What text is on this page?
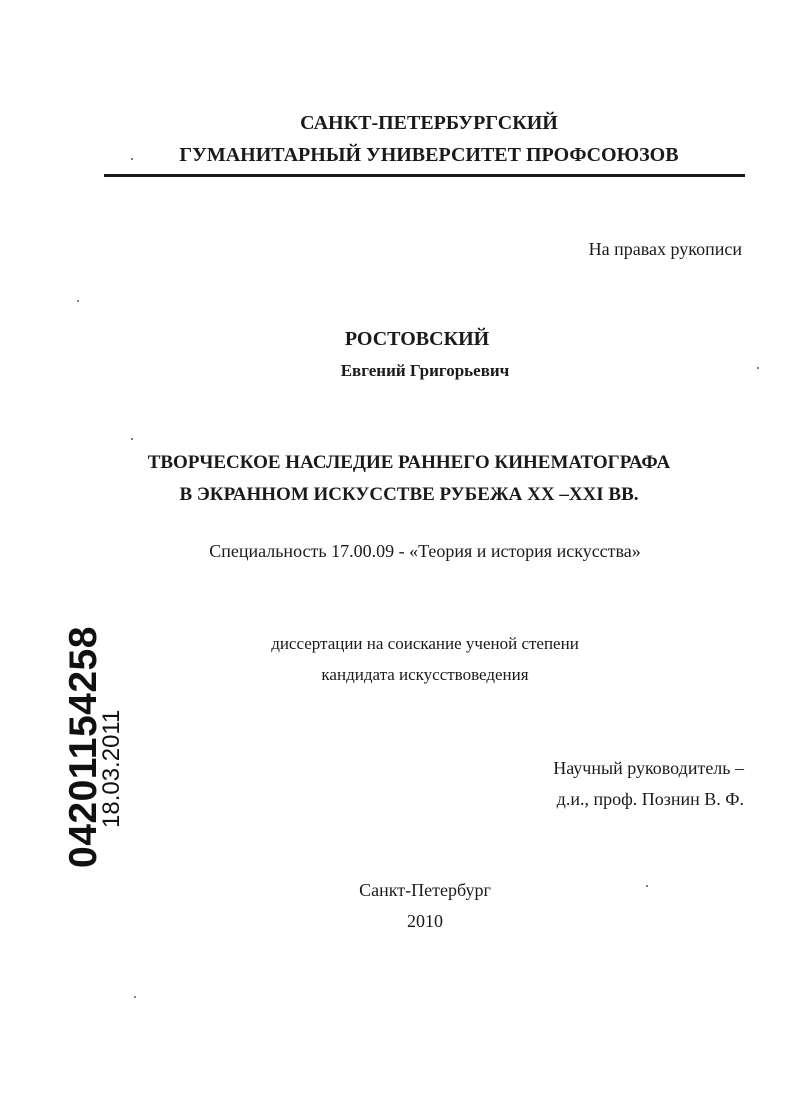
САНКТ-ПЕТЕРБУРГСКИЙ
ГУМАНИТАРНЫЙ УНИВЕРСИТЕТ ПРОФСОЮЗОВ
На правах рукописи
РОСТОВСКИЙ
Евгений Григорьевич
ТВОРЧЕСКОЕ НАСЛЕДИЕ РАННЕГО КИНЕМАТОГРАФА
В ЭКРАННОМ ИСКУССТВЕ РУБЕЖА XX –XXI ВВ.
Специальность 17.00.09 - «Теория и история искусства»
диссертации на соискание ученой степени
кандидата искусствоведения
Научный руководитель –
д.и., проф. Познин В. Ф.
Санкт-Петербург
2010
04201154258
18.03.2011
